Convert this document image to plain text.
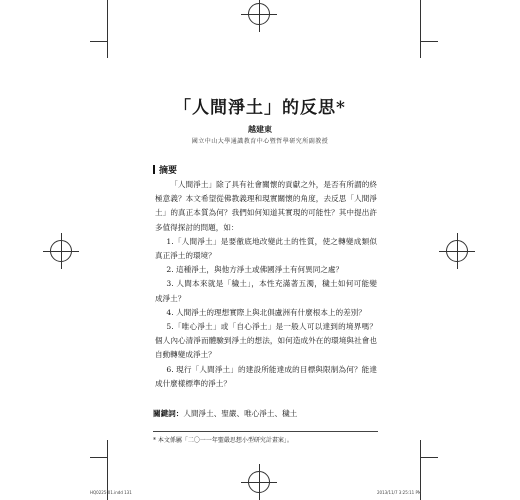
「人間淨土」的反思*
越建東
國立中山大學通識教育中心暨哲學研究所副教授
摘要

「人間淨土」除了具有社會關懷的貢獻之外，是否有所謂的終極意義？本文希望從佛教義理和現實關懷的角度，去反思「人間淨土」的真正本質為何？我們如何知道其實現的可能性？其中提出許多值得探討的問題，如：

1.「人間淨土」是要徹底地改變此土的性質，使之轉變成類似真正淨土的環境？

2. 這種淨土，與他方淨土或佛國淨土有何異同之處？

3. 人間本來就是「穢土」，本性充滿著五濁，穢土如何可能變成淨土？

4. 人間淨土的理想實際上與北俱盧洲有什麼根本上的差別？

5.「唯心淨土」或「自心淨土」是一般人可以達到的境界嗎？個人內心清淨而體驗到淨土的想法，如何造成外在的環境與社會也自動轉變成淨土？

6. 現行「人間淨土」的建設所能達成的目標與限制為何？能達成什麼樣標準的淨土？

關鍵詞：人間淨土、聖嚴、唯心淨土、穢土
* 本文係屬「二〇一一年聖嚴思想小型研究計畫案」。
HQ0225-01.indd 131	2013/11/7 3:25:11 PM
